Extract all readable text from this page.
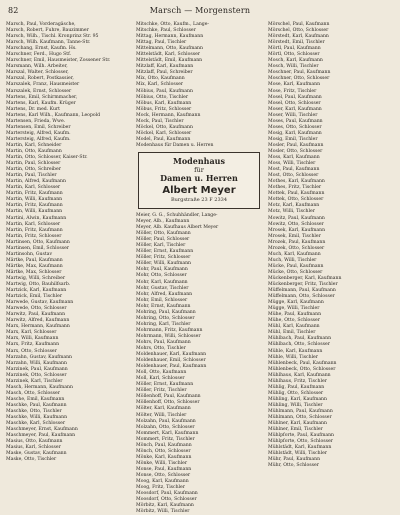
82	Marsch — Morgenstern
Marsch, Paul, Vorderagäsche,
Marsch, Robert, Fuhre, Bauzimmer
Marsch, Wilh., Tischl. Kronprinz Str. 95
Marsch, Wilh. Kaufmann, Tanne-Str.
Marschang, Ernst, Kaufm. Hs.
Marschner, Ferd., Hugo Stf.
Marschner, Emil, Hausmeister, Zossener Str.
Marsmann, Wilh. Arbeiter,
Marszal, Walter, Schlosser,
Marszal, Robert, Postkassier,
Marszalek, Franz, Hausmeister
Marszalek, Ernst, Schlosser
Martens, Emil, Schirmmacher,
Martens, Karl, Kaufm. Krüger
Martens, Dr. med. Kurt
Martens, Karl Wilh., Kaufmann, Leopold
Martensen, Frieda, Wwe.
Martensen, Emil, Schreiber
Martersteig, Alfred, Kaufm.
Martersteig, Alfred, Kaufm.
Martin, Karl, Schneider
Martin, Otto, Kaufmann
Martin, Otto, Schlosser, Kaiser-Str.
Martin, Paul, Schlosser
Martin, Otto, Schreiber
Martin, Paul, Tischler
Martin, Alfred, Kaufmann
Martin, Karl, Schlosser
Martin, Fritz, Kaufmann
Martin, Willi, Kaufmann
Martin, Fritz, Kaufmann
Martin, Willi, Kaufmann
Martini, Alwin, Kaufmann
Martin, Karl, Schlosser
Martin, Fritz, Kaufmann
Martin, Fritz, Schlosser
Martinsen, Otto, Kaufmann
Martinsen, Emil, Schlosser
Martinsohn, Gustav
Märtke, Paul, Kaufmann
Märtke, Max, Kaufmann
Märtke, Max, Schlosser
Martwig, Willi, Schreiber
Martwig, Otto, Bauhilfsarb.
Martzick, Karl, Kaufmann
Martzick, Emil, Tischler
Marwede, Gustav, Kaufmann
Marwede, Otto, Schlosser
Marwitz, Paul, Kaufmann
Marwitz, Alfred, Kaufmann
Marx, Hermann, Kaufmann
Marx, Karl, Schlosser
Marx, Willi, Kaufmann
Marx, Fritz, Kaufmann
Marx, Otto, Schlosser
Marzahn, Gustav, Kaufmann
Marzahn, Willi, Kaufmann
Marzinek, Paul, Kaufmann
Marzinek, Otto, Schlosser
Marzinek, Karl, Tischler
Masch, Hermann, Kaufmann
Masch, Otto, Schlosser
Masche, Emil, Kaufmann
Maschke, Paul, Kaufmann
Maschke, Otto, Tischler
Maschke, Willi, Kaufmann
Maschke, Karl, Schlosser
Maschmeyer, Ernst, Kaufmann
Maschmeyer, Paul, Kaufmann
Masius, Otto, Kaufmann
Masius, Karl, Schlosser
Maske, Gustav, Kaufmann
Maske, Otto, Tischler
Mitschke, Otto, Kaufm., Lange-
Mitschke, Paul, Schlosser
Mittag, Hermann, Kaufmann
Mittag, Paul, Tischler
Mittelmann, Otto, Kaufmann
Mittelstädt, Karl, Schlosser
Mittelstädt, Emil, Kaufmann
Mitzlaff, Karl, Kaufmann
Mitzlaff, Paul, Schreiber
Mix, Otto, Kaufmann
Mix, Karl, Schlosser
Möbius, Paul, Kaufmann
Möbius, Otto, Tischler
Möbus, Karl, Kaufmann
Möbus, Fritz, Schlosser
Mock, Hermann, Kaufmann
Mock, Paul, Tischler
Möckel, Otto, Kaufmann
Möckel, Karl, Schlosser
Model, Paul, Kaufmann
Modenhaus für Damen u. Herren
Modenhaus
für
Damen u. Herren
Albert Meyer
Burgstraße 23 F 2334
Meier, G. G., Schuhhändler, Lange-
Meyer, Alb., Kaufmann
Meyer, Alb. Kaufhaus Albert Meyer
Möller, Otto, Kaufmann
Möller, Paul, Schlosser
Möller, Karl, Tischler
Möller, Ernst, Kaufmann
Möller, Fritz, Schlosser
Möller, Willi, Kaufmann
Mohr, Paul, Kaufmann
Mohr, Otto, Schlosser
Mohr, Karl, Kaufmann
Mohr, Gustav, Tischler
Mohr, Alfred, Kaufmann
Mohr, Emil, Schlosser
Mohr, Ernst, Kaufmann
Mohring, Paul, Kaufmann
Mohring, Otto, Schlosser
Mohring, Karl, Tischler
Mohrmann, Fritz, Kaufmann
Mohrmann, Willi, Schlosser
Mohrs, Paul, Kaufmann
Mohrs, Otto, Tischler
Moldenhauer, Karl, Kaufmann
Moldenhauer, Emil, Schlosser
Moldenhauer, Paul, Kaufmann
Moll, Otto, Kaufmann
Moll, Karl, Schlosser
Möller, Ernst, Kaufmann
Möller, Fritz, Tischler
Möllenhoff, Paul, Kaufmann
Möllenhoff, Otto, Schlosser
Mölter, Karl, Kaufmann
Mölter, Willi, Tischler
Molzahn, Paul, Kaufmann
Molzahn, Otto, Schlosser
Mommert, Karl, Kaufmann
Mommert, Fritz, Tischler
Mönch, Paul, Kaufmann
Mönch, Otto, Schlosser
Mönke, Karl, Kaufmann
Mönke, Willi, Tischler
Monse, Paul, Kaufmann
Monse, Otto, Schlosser
Moog, Karl, Kaufmann
Moog, Fritz, Tischler
Moosdorf, Paul, Kaufmann
Moosdorf, Otto, Schlosser
Mörbitz, Karl, Kaufmann
Mörbitz, Willi, Tischler
Mörschel, Paul, Kaufmann
Mörschel, Otto, Schlosser
Mörstedt, Karl, Kaufmann
Mörstedt, Emil, Tischler
Mörtl, Paul, Kaufmann
Mörtl, Otto, Schlosser
Mosch, Karl, Kaufmann
Mosch, Willi, Tischler
Moschner, Paul, Kaufmann
Moschner, Otto, Schlosser
Mose, Karl, Kaufmann
Mose, Fritz, Tischler
Mosel, Paul, Kaufmann
Mosel, Otto, Schlosser
Moser, Karl, Kaufmann
Moser, Willi, Tischler
Moses, Paul, Kaufmann
Moses, Otto, Schlosser
Mosig, Karl, Kaufmann
Mosig, Emil, Tischler
Mosler, Paul, Kaufmann
Mosler, Otto, Schlosser
Moss, Karl, Kaufmann
Moss, Willi, Tischler
Most, Paul, Kaufmann
Most, Otto, Schlosser
Mothes, Karl, Kaufmann
Mothes, Fritz, Tischler
Mottek, Paul, Kaufmann
Mottek, Otto, Schlosser
Motz, Karl, Kaufmann
Motz, Willi, Tischler
Mowitz, Paul, Kaufmann
Mowitz, Otto, Schlosser
Mrosek, Karl, Kaufmann
Mrosek, Emil, Tischler
Mrozek, Paul, Kaufmann
Mrozek, Otto, Schlosser
Much, Karl, Kaufmann
Much, Willi, Tischler
Mücke, Paul, Kaufmann
Mücke, Otto, Schlosser
Mückenberger, Karl, Kaufmann
Mückenberger, Fritz, Tischler
Müffelmann, Paul, Kaufmann
Müffelmann, Otto, Schlosser
Mügge, Karl, Kaufmann
Mügge, Willi, Tischler
Mühe, Paul, Kaufmann
Mühe, Otto, Schlosser
Mühl, Karl, Kaufmann
Mühl, Emil, Tischler
Mühlbach, Paul, Kaufmann
Mühlbach, Otto, Schlosser
Mühle, Karl, Kaufmann
Mühle, Willi, Tischler
Mühlenbeck, Paul, Kaufmann
Mühlenbeck, Otto, Schlosser
Mühlhaus, Karl, Kaufmann
Mühlhaus, Fritz, Tischler
Mühlig, Paul, Kaufmann
Mühlig, Otto, Schlosser
Mühling, Karl, Kaufmann
Mühling, Willi, Tischler
Mühlmann, Paul, Kaufmann
Mühlmann, Otto, Schlosser
Mühlner, Karl, Kaufmann
Mühlner, Emil, Tischler
Mühlpforte, Paul, Kaufmann
Mühlpforte, Otto, Schlosser
Mühlstädt, Karl, Kaufmann
Mühlstädt, Willi, Tischler
Mühr, Paul, Kaufmann
Mühr, Otto, Schlosser
